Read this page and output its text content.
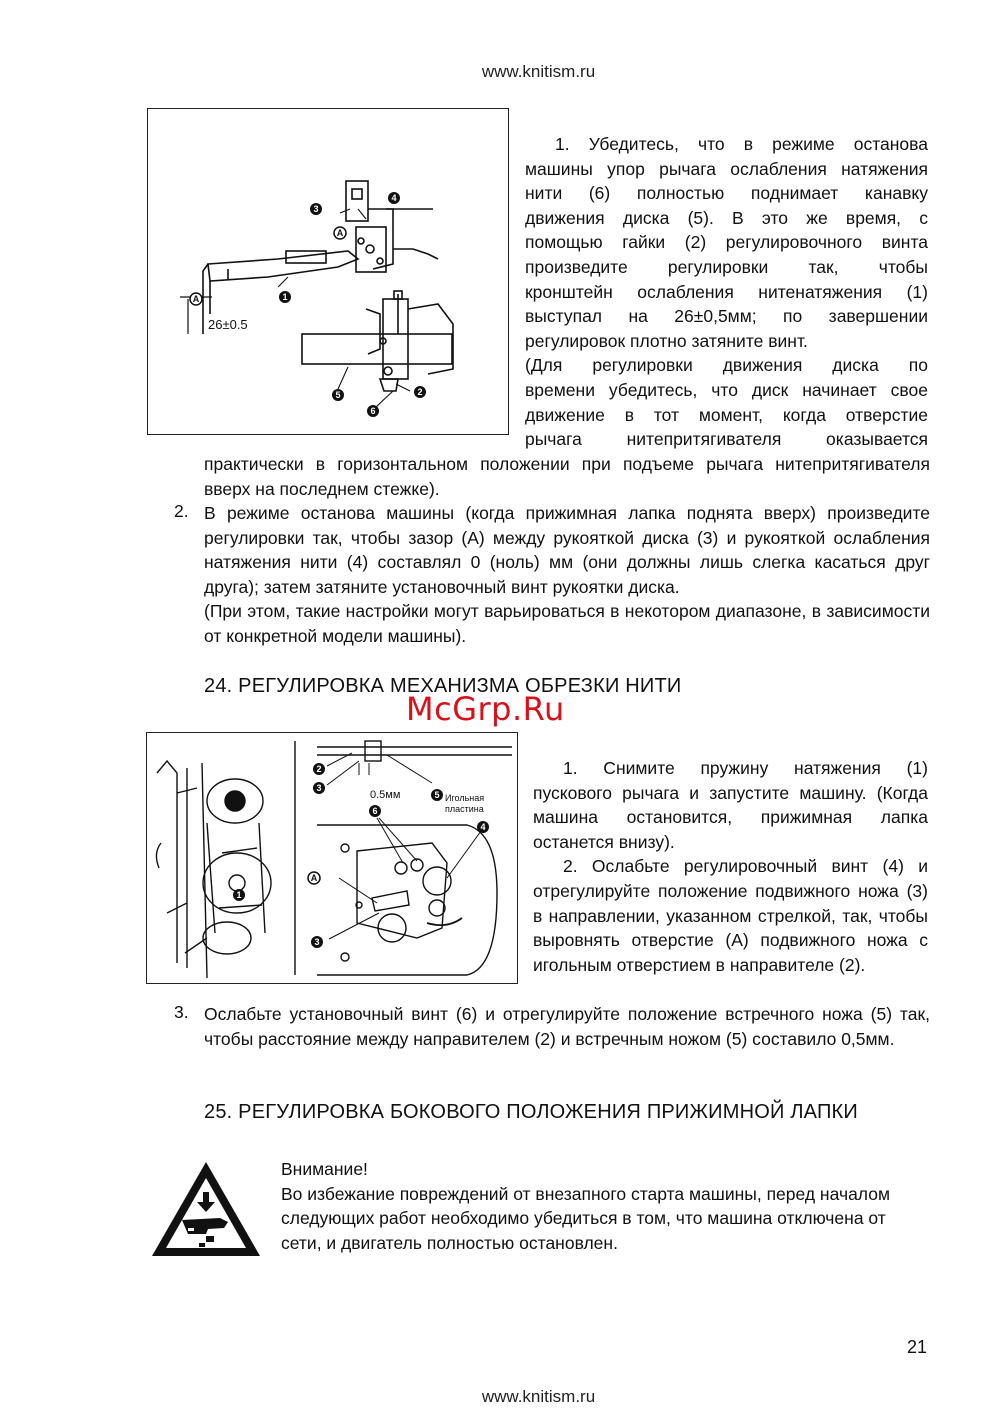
www.knitism.ru
4
3
A
1
A
2
5
6
26±0.5

1. Убедитесь, что в режиме останова

машины упор рычага ослабления натяжения

нити (6) полностью поднимает канавку

движения диска (5). В это же время, с

помощью гайки (2) регулировочного винта

произведите регулировки так, чтобы

кронштейн ослабления нитенатяжения (1)

выступал на 26±0,5мм; по завершении

регулировок плотно затяните винт.

(Для регулировки движения диска по

времени убедитесь, что диск начинает свое

движение в тот момент, когда отверстие

рычага нитепритягивателя оказывается

практически в горизонтальном положении при подъеме рычага нитепритягивателя вверх на последнем стежке).
2. В режиме останова машины (когда прижимная лапка поднята вверх) произведите регулировки так, чтобы зазор (А) между рукояткой диска (3) и рукояткой ослабления натяжения нити (4) составлял 0 (ноль) мм (они должны лишь слегка касаться друг друга); затем затяните установочный винт рукоятки диска.

(При этом, такие настройки могут варьироваться в некотором диапазоне, в зависимости от конкретной модели машины).

24. РЕГУЛИРОВКА МЕХАНИЗМА ОБРЕЗКИ НИТИ
McGrp.Ru
1
2
3
5
6
4
A
3
0.5мм	Игольная
пластина

1. Снимите пружину натяжения (1) пускового рычага и запустите машину. (Когда машина остановится, прижимная лапка останется внизу).

2. Ослабьте регулировочный винт (4) и отрегулируйте положение подвижного ножа (3) в направлении, указанном стрелкой, так, чтобы выровнять отверстие (А) подвижного ножа с игольным отверстием в направителе (2).

3. Ослабьте установочный винт (6) и отрегулируйте положение встречного ножа (5) так, чтобы расстояние между направителем (2) и встречным ножом (5) составило 0,5мм.
25. РЕГУЛИРОВКА БОКОВОГО ПОЛОЖЕНИЯ ПРИЖИМНОЙ ЛАПКИ

Внимание!

Во избежание повреждений от внезапного старта машины, перед началом следующих работ необходимо убедиться в том, что машина отключена от сети, и двигатель полностью остановлен.

21
www.knitism.ru
